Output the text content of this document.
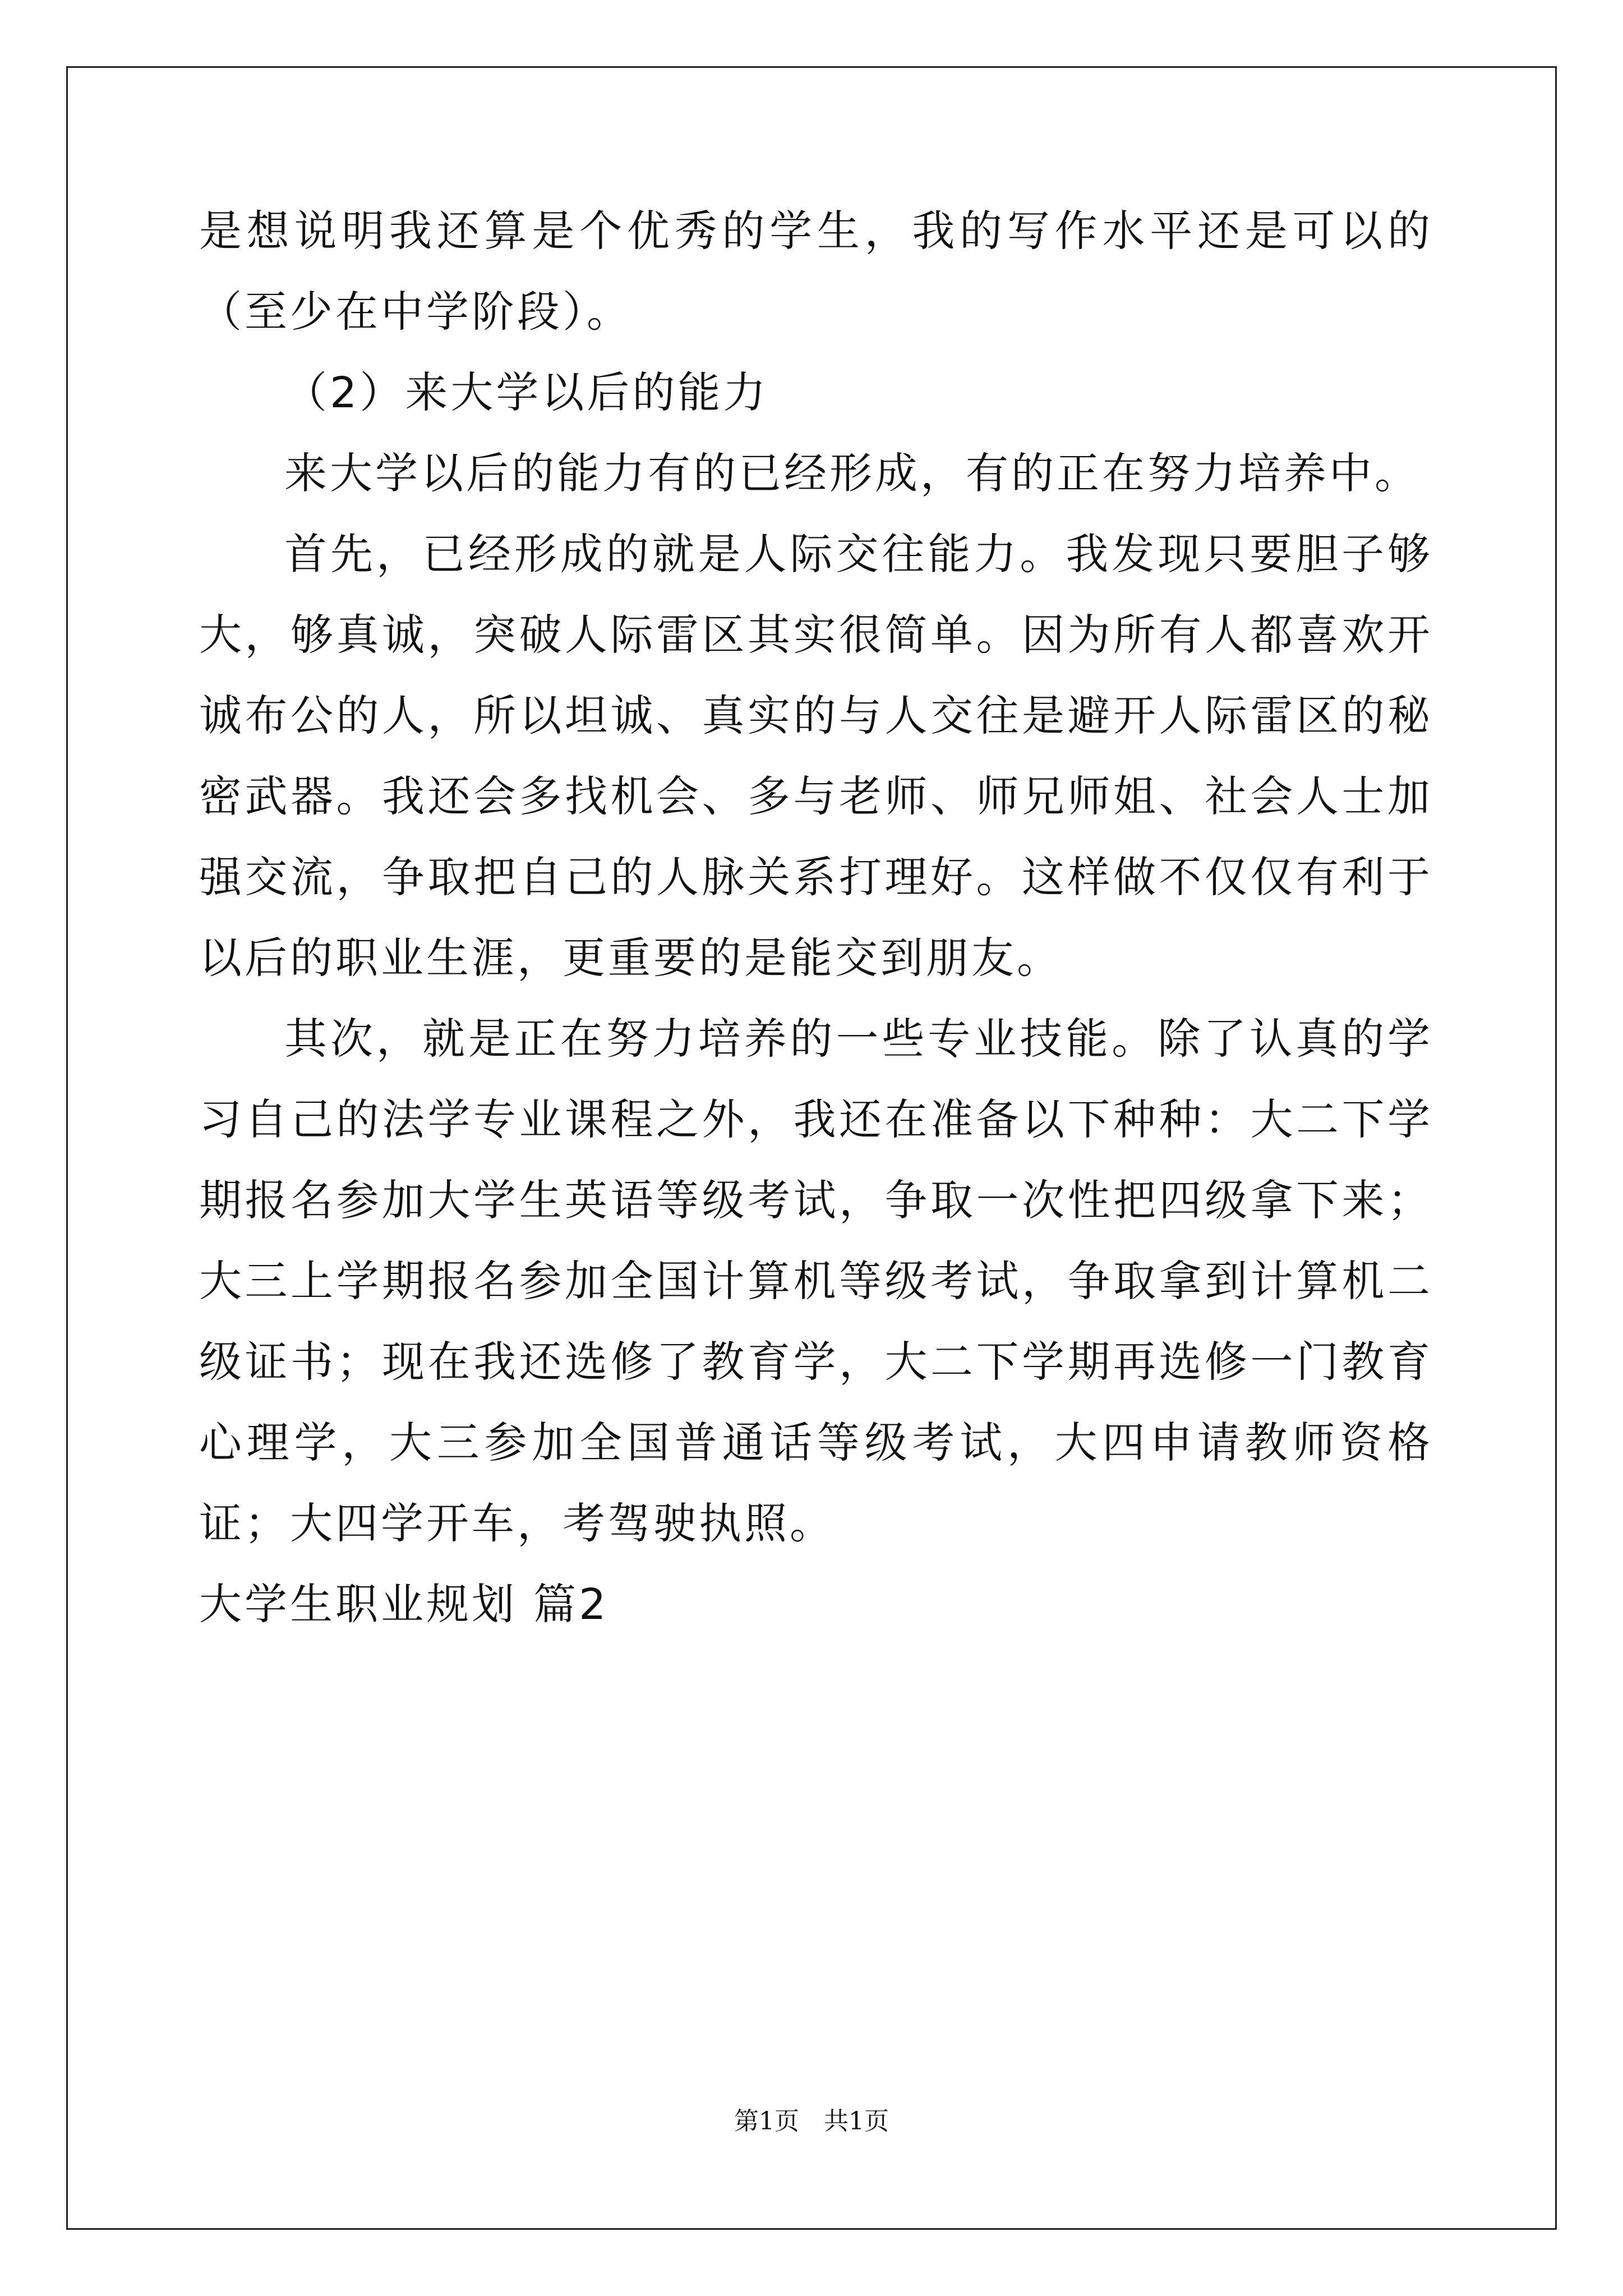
是想说明我还算是个优秀的学生，我的写作水平还是可以的（至少在中学阶段）。

（2）来大学以后的能力

来大学以后的能力有的已经形成，有的正在努力培养中。

首先，已经形成的就是人际交往能力。我发现只要胆子够大，够真诚，突破人际雷区其实很简单。因为所有人都喜欢开诚布公的人，所以坦诚、真实的与人交往是避开人际雷区的秘密武器。我还会多找机会、多与老师、师兄师姐、社会人士加强交流，争取把自己的人脉关系打理好。这样做不仅仅有利于以后的职业生涯，更重要的是能交到朋友。

其次，就是正在努力培养的一些专业技能。除了认真的学习自己的法学专业课程之外，我还在准备以下种种：大二下学期报名参加大学生英语等级考试，争取一次性把四级拿下来；大三上学期报名参加全国计算机等级考试，争取拿到计算机二级证书；现在我还选修了教育学，大二下学期再选修一门教育心理学，大三参加全国普通话等级考试，大四申请教师资格证；大四学开车，考驾驶执照。

大学生职业规划 篇2

第1页　共1页
